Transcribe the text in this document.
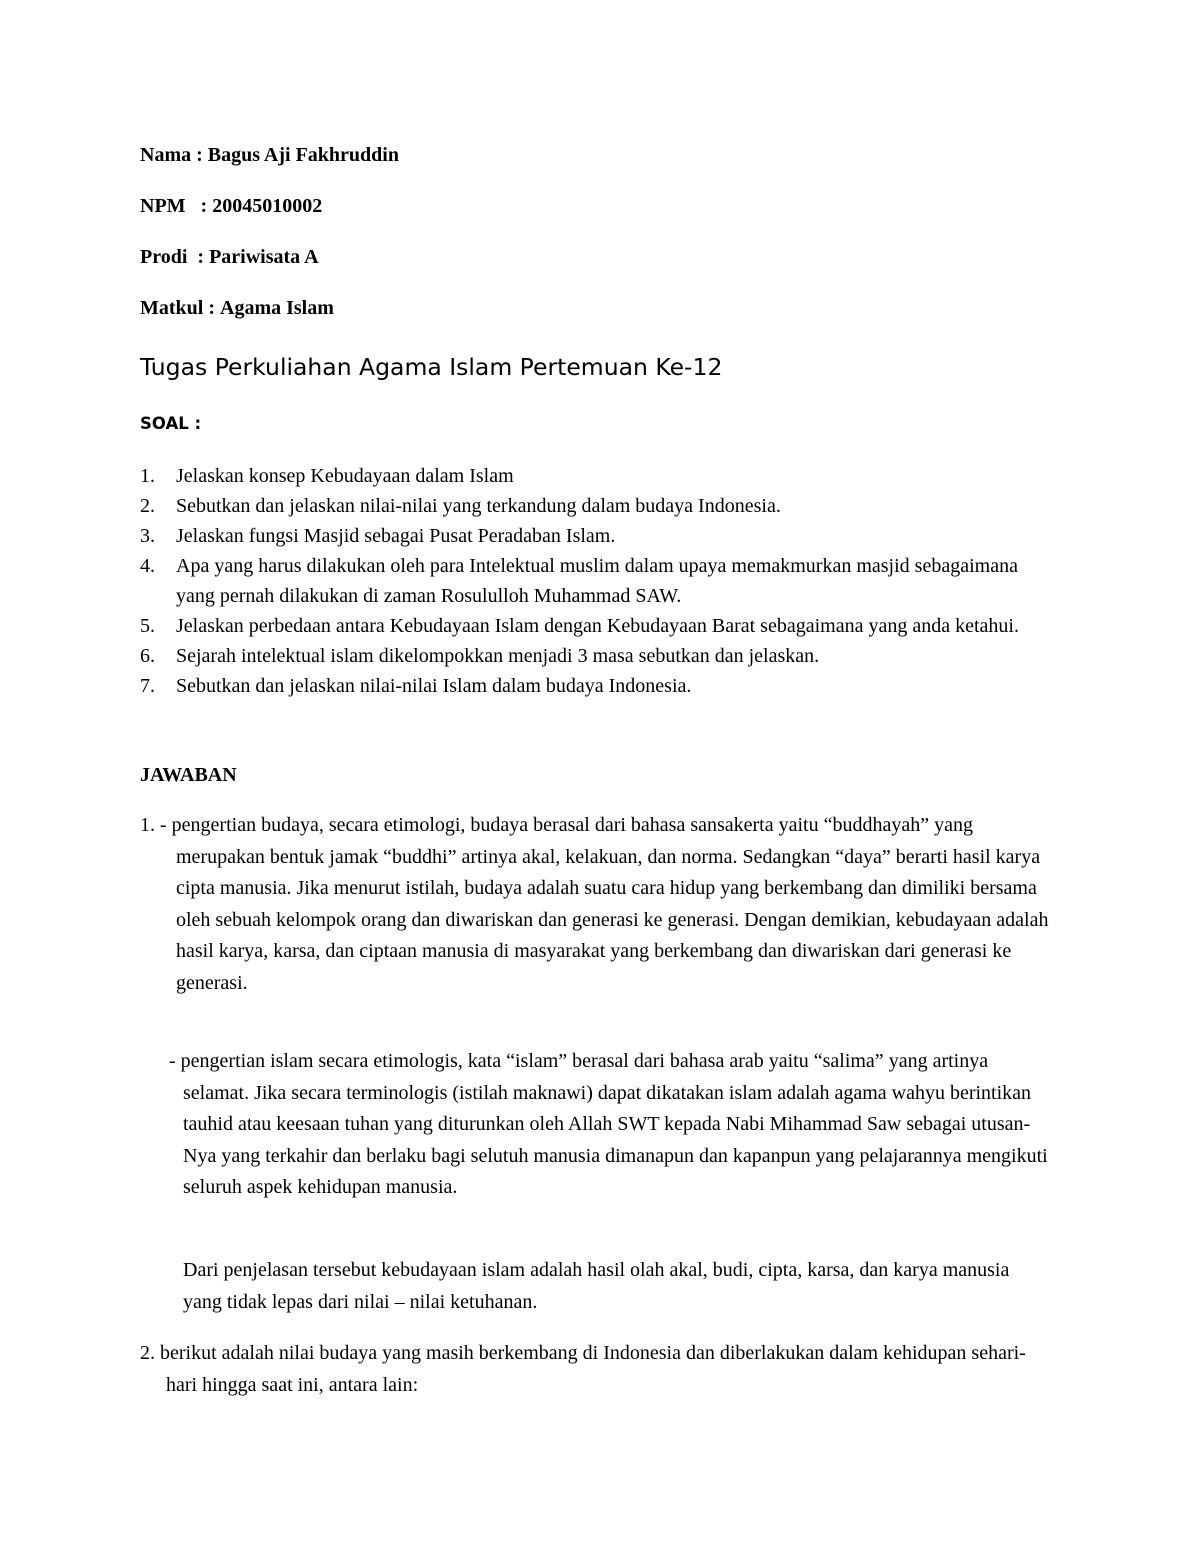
Nama : Bagus Aji Fakhruddin
NPM   : 20045010002
Prodi  : Pariwisata A
Matkul : Agama Islam
Tugas Perkuliahan Agama Islam Pertemuan Ke-12
SOAL :
1. Jelaskan konsep Kebudayaan dalam Islam
2. Sebutkan dan jelaskan nilai-nilai yang terkandung dalam budaya Indonesia.
3. Jelaskan fungsi Masjid sebagai Pusat Peradaban Islam.
4. Apa yang harus dilakukan oleh para Intelektual muslim dalam upaya memakmurkan masjid sebagaimana yang pernah dilakukan di zaman Rosululloh Muhammad SAW.
5. Jelaskan perbedaan antara Kebudayaan Islam dengan Kebudayaan Barat sebagaimana yang anda ketahui.
6. Sejarah intelektual islam dikelompokkan menjadi 3 masa sebutkan dan jelaskan.
7. Sebutkan dan jelaskan nilai-nilai Islam dalam budaya Indonesia.
JAWABAN

1. - pengertian budaya, secara etimologi, budaya berasal dari bahasa sansakerta yaitu “buddhayah” yang merupakan bentuk jamak “buddhi” artinya akal, kelakuan, dan norma. Sedangkan “daya” berarti hasil karya cipta manusia. Jika menurut istilah, budaya adalah suatu cara hidup yang berkembang dan dimiliki bersama oleh sebuah kelompok orang dan diwariskan dan generasi ke generasi. Dengan demikian, kebudayaan adalah hasil karya, karsa, dan ciptaan manusia di masyarakat yang berkembang dan diwariskan dari generasi ke generasi.

- pengertian islam secara etimologis, kata “islam” berasal dari bahasa arab yaitu “salima” yang artinya selamat. Jika secara terminologis (istilah maknawi) dapat dikatakan islam adalah agama wahyu berintikan tauhid atau keesaan tuhan yang diturunkan oleh Allah SWT kepada Nabi Mihammad Saw sebagai utusan-Nya yang terkahir dan berlaku bagi selutuh manusia dimanapun dan kapanpun yang pelajarannya mengikuti seluruh aspek kehidupan manusia.

Dari penjelasan tersebut kebudayaan islam adalah hasil olah akal, budi, cipta, karsa, dan karya manusia yang tidak lepas dari nilai – nilai ketuhanan.

2. berikut adalah nilai budaya yang masih berkembang di Indonesia dan diberlakukan dalam kehidupan sehari-hari hingga saat ini, antara lain:
